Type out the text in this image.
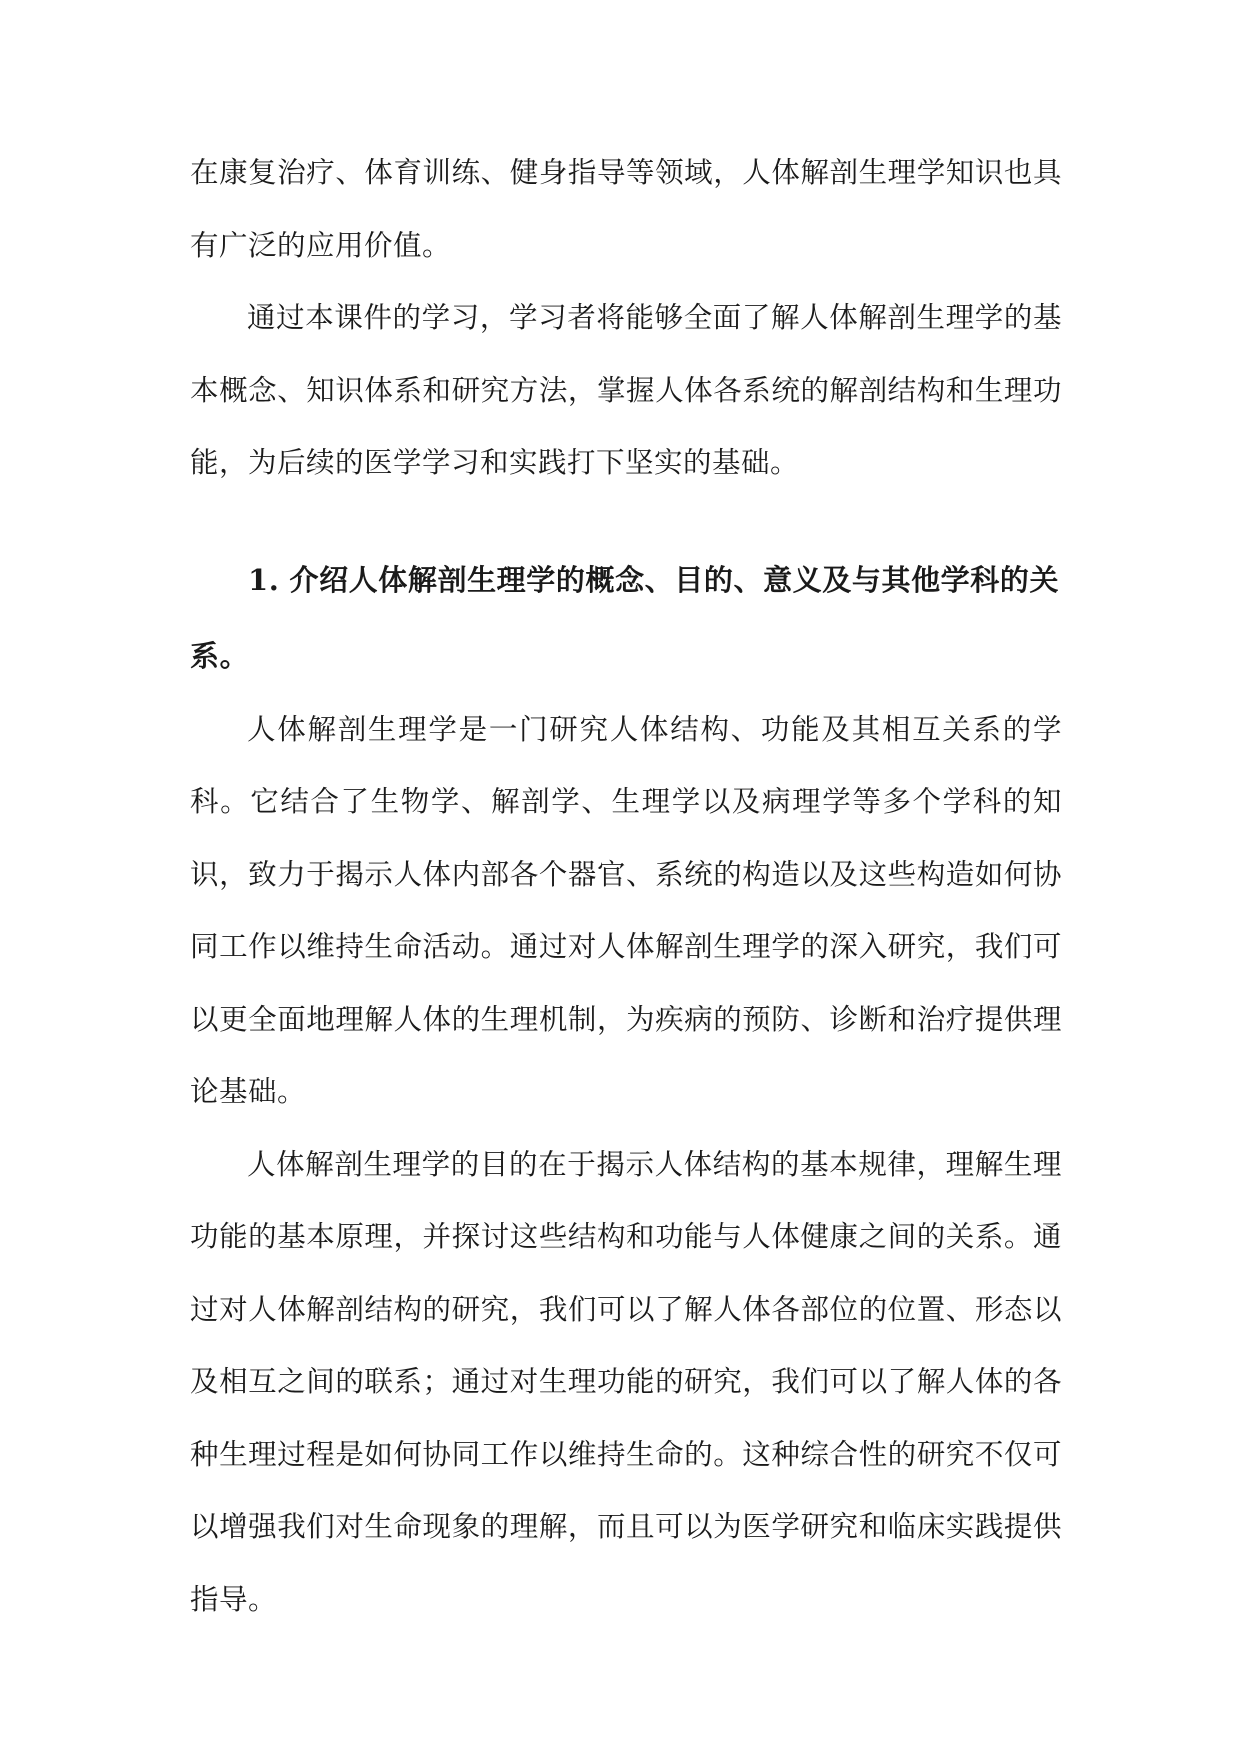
在康复治疗、体育训练、健身指导等领域，人体解剖生理学知识也具有广泛的应用价值。

通过本课件的学习，学习者将能够全面了解人体解剖生理学的基本概念、知识体系和研究方法，掌握人体各系统的解剖结构和生理功能，为后续的医学学习和实践打下坚实的基础。

1. 介绍人体解剖生理学的概念、目的、意义及与其他学科的关系。

人体解剖生理学是一门研究人体结构、功能及其相互关系的学科。它结合了生物学、解剖学、生理学以及病理学等多个学科的知识，致力于揭示人体内部各个器官、系统的构造以及这些构造如何协同工作以维持生命活动。通过对人体解剖生理学的深入研究，我们可以更全面地理解人体的生理机制，为疾病的预防、诊断和治疗提供理论基础。

人体解剖生理学的目的在于揭示人体结构的基本规律，理解生理功能的基本原理，并探讨这些结构和功能与人体健康之间的关系。通过对人体解剖结构的研究，我们可以了解人体各部位的位置、形态以及相互之间的联系；通过对生理功能的研究，我们可以了解人体的各种生理过程是如何协同工作以维持生命的。这种综合性的研究不仅可以增强我们对生命现象的理解，而且可以为医学研究和临床实践提供指导。
